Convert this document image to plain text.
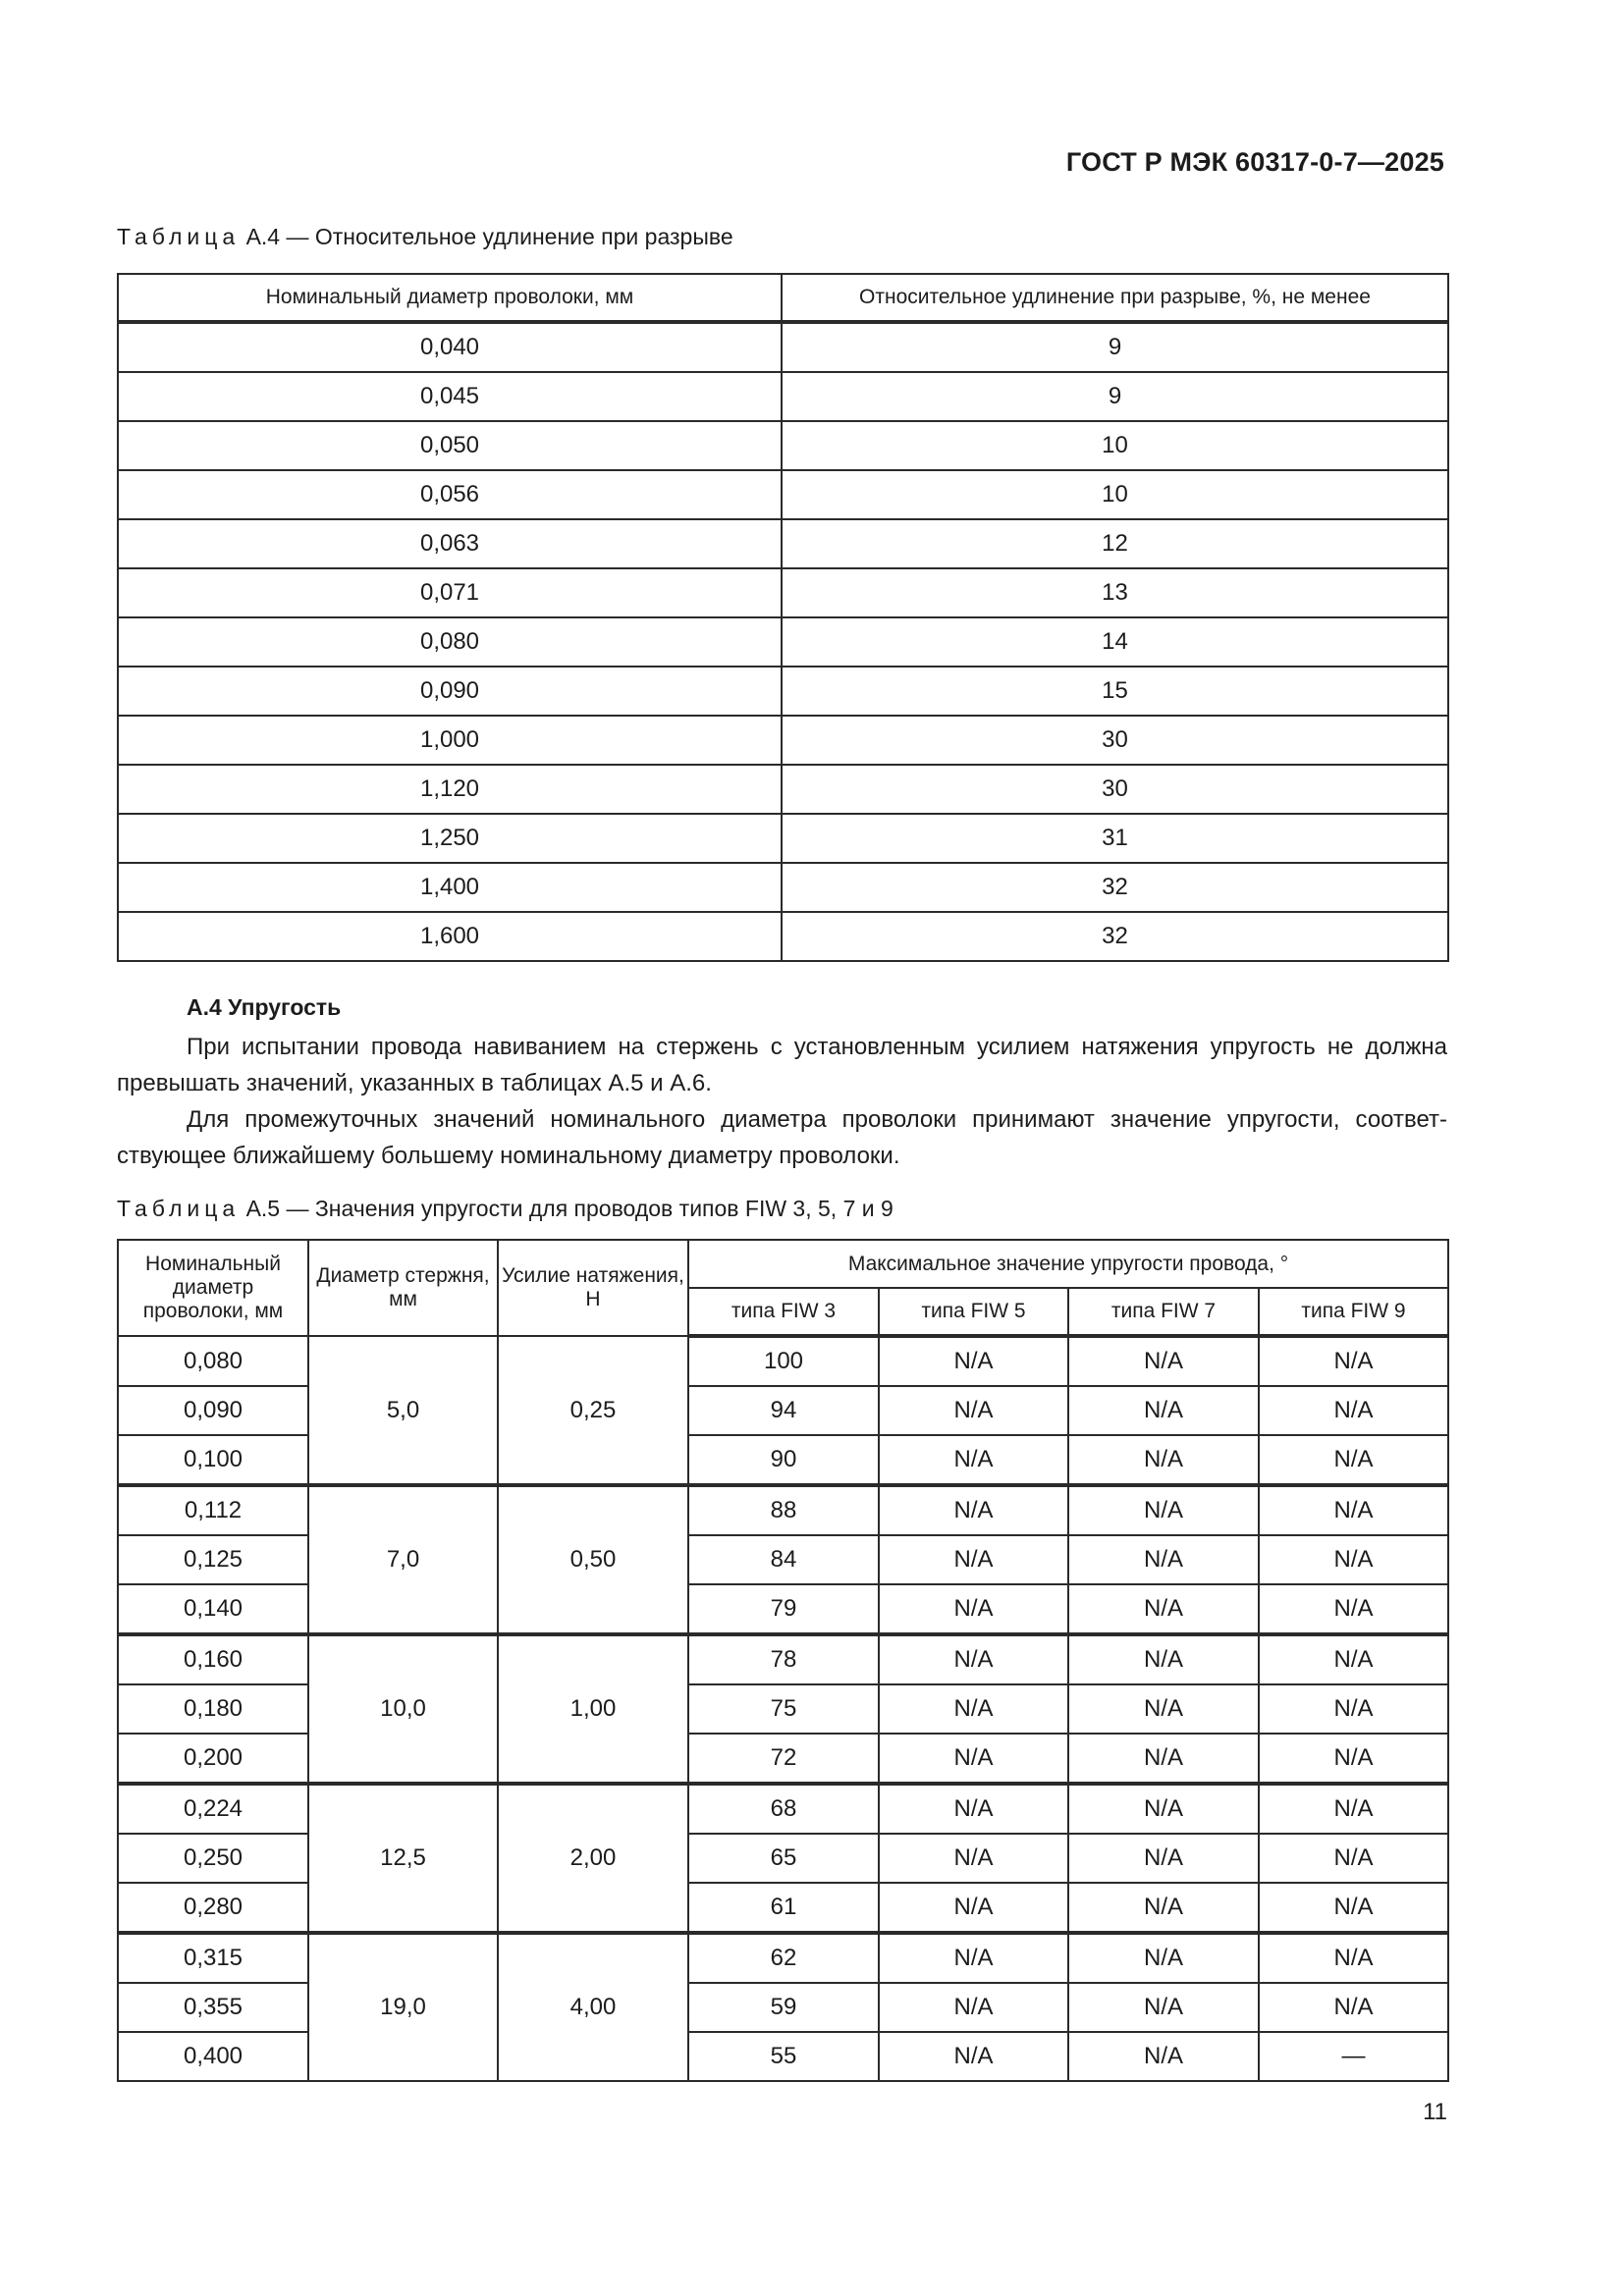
ГОСТ Р МЭК 60317-0-7—2025
Таблица А.4 — Относительное удлинение при разрыве
Номинальный диаметр проволоки, мм	Относительное удлинение при разрыве, %, не менее
0,040	9
0,045	9
0,050	10
0,056	10
0,063	12
0,071	13
0,080	14
0,090	15
1,000	30
1,120	30
1,250	31
1,400	32
1,600	32
А.4 Упругость

При испытании провода навиванием на стержень с установленным усилием натяжения упругость не должна превышать значений, указанных в таблицах А.5 и А.6.

Для промежуточных значений номинального диаметра проволоки принимают значение упругости, соответствующее ближайшему большему номинальному диаметру проволоки.

Таблица А.5 — Значения упругости для проводов типов FIW 3, 5, 7 и 9
Номинальный диаметр проволоки, мм	Диаметр стержня, мм	Усилие натяжения, Н	Максимальное значение упругости провода, °			
			типа FIW 3	типа FIW 5	типа FIW 7	типа FIW 9
0,080	5,0	0,25	100	N/A	N/A	N/A
0,090			94	N/A	N/A	N/A
0,100			90	N/A	N/A	N/A
0,112	7,0	0,50	88	N/A	N/A	N/A
0,125			84	N/A	N/A	N/A
0,140			79	N/A	N/A	N/A
0,160	10,0	1,00	78	N/A	N/A	N/A
0,180			75	N/A	N/A	N/A
0,200			72	N/A	N/A	N/A
0,224	12,5	2,00	68	N/A	N/A	N/A
0,250			65	N/A	N/A	N/A
0,280			61	N/A	N/A	N/A
0,315	19,0	4,00	62	N/A	N/A	N/A
0,355			59	N/A	N/A	N/A
0,400			55	N/A	N/A	—
11
